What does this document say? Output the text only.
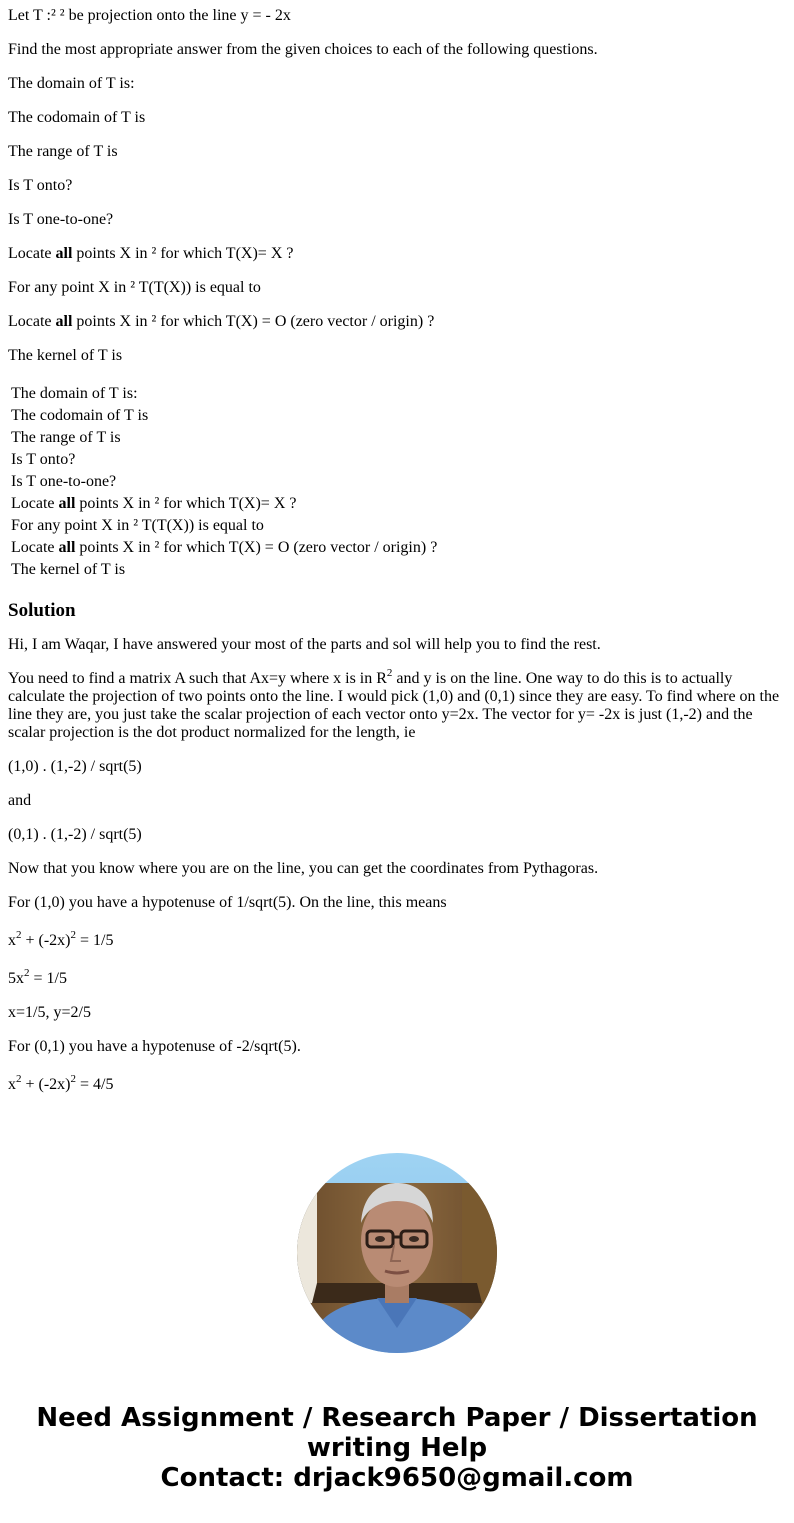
Let T :² ² be projection onto the line y = - 2x

Find the most appropriate answer from the given choices to each of the following questions.

The domain of T is:

The codomain of T is

The range of T is

Is T onto?

Is T one-to-one?

Locate all points X in ² for which T(X)= X ?

For any point X in ² T(T(X)) is equal to

Locate all points X in ² for which T(X) = O (zero vector / origin) ?

The kernel of T is

The domain of T is:
The codomain of T is
The range of T is
Is T onto?
Is T one-to-one?
Locate all points X in ² for which T(X)= X ?
For any point X in ² T(T(X)) is equal to
Locate all points X in ² for which T(X) = O (zero vector / origin) ?
The kernel of T is
Solution

Hi, I am Waqar, I have answered your most of the parts and sol will help you to find the rest.

You need to find a matrix A such that Ax=y where x is in $R^2$ and y is on the line. One way to do this is to actually calculate the projection of two points onto the line. I would pick (1,0) and (0,1) since they are easy. To find where on the line they are, you just take the scalar projection of each vector onto y=2x. The vector for y= -2x is just (1,-2) and the scalar projection is the dot product normalized for the length, ie

(1,0) . (1,-2) / sqrt(5)

and

(0,1) . (1,-2) / sqrt(5)

Now that you know where you are on the line, you can get the coordinates from Pythagoras.

For (1,0) you have a hypotenuse of 1/sqrt(5). On the line, this means

$x^2 + (-2x)^2 = 1/5$

$5x^2 = 1/5$

x=1/5, y=2/5

For (0,1) you have a hypotenuse of -2/sqrt(5).

$x^2 + (-2x)^2 = 4/5$

Need Assignment / Research Paper / Dissertation
writing Help
Contact: drjack9650@gmail.com
